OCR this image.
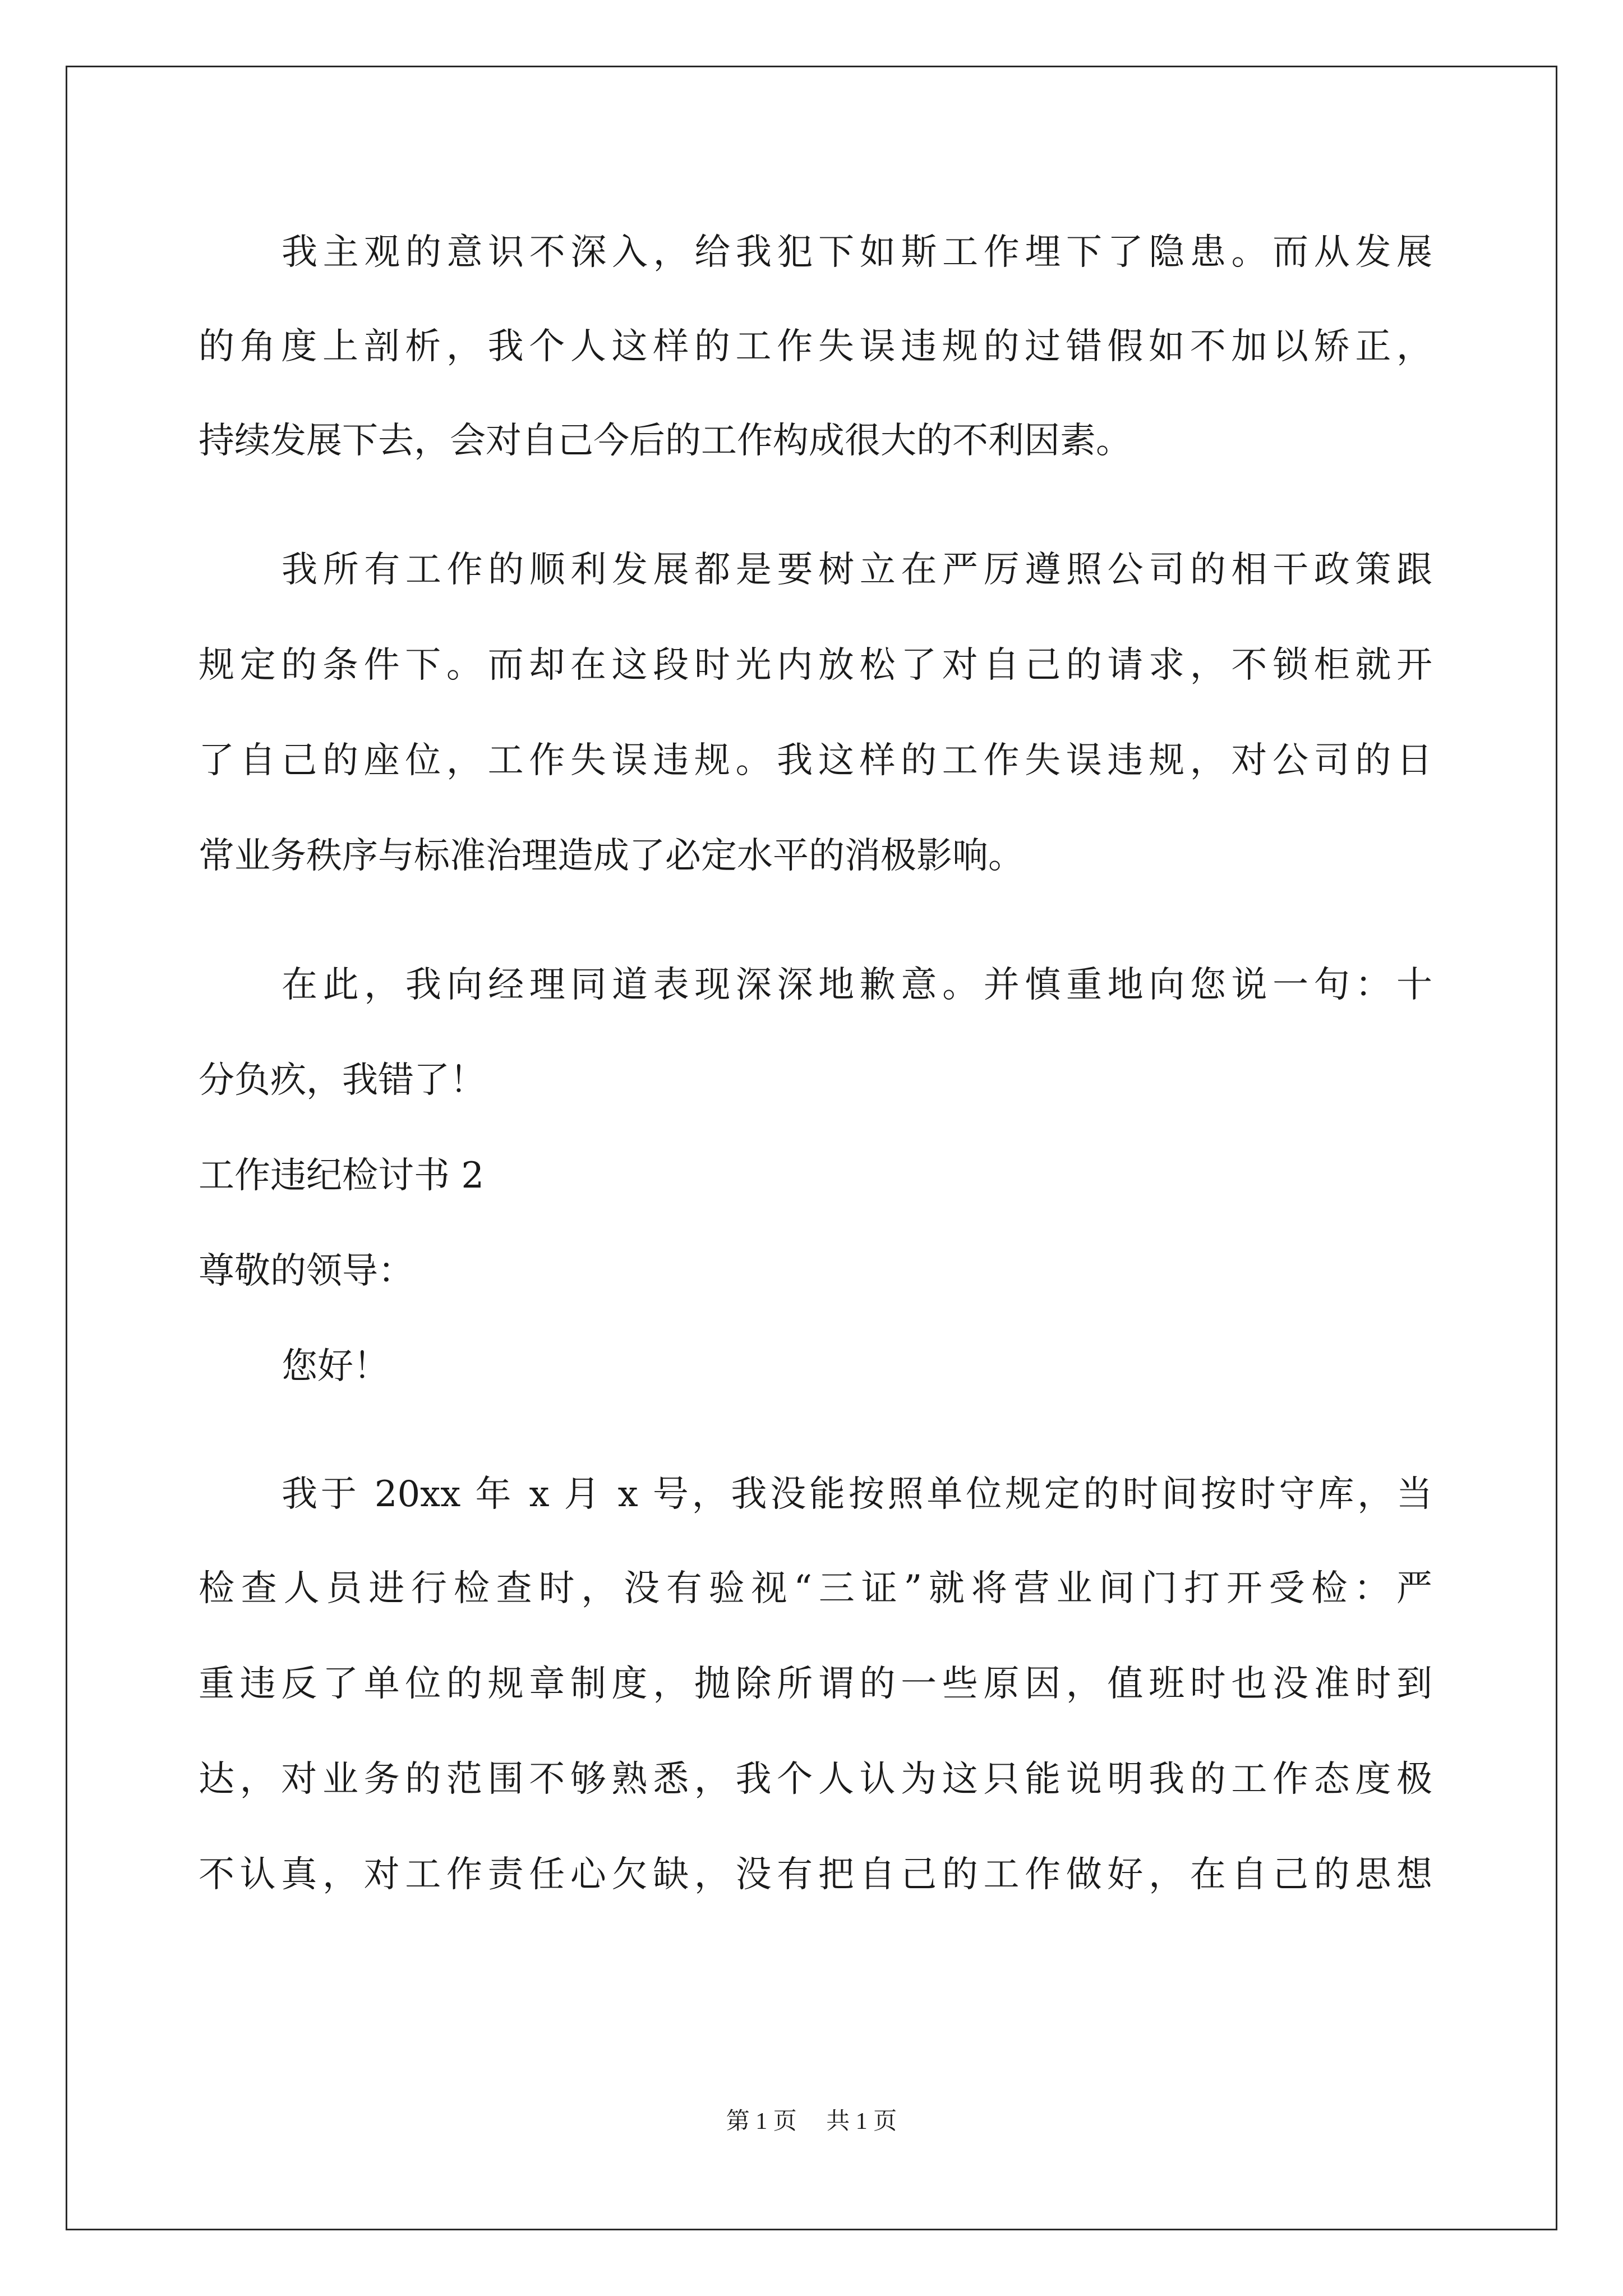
我主观的意识不深入，给我犯下如斯工作埋下了隐患。而从发展
的角度上剖析，我个人这样的工作失误违规的过错假如不加以矫正，
持续发展下去，会对自己今后的工作构成很大的不利因素。
我所有工作的顺利发展都是要树立在严厉遵照公司的相干政策跟
规定的条件下。而却在这段时光内放松了对自己的请求，不锁柜就开
了自己的座位，工作失误违规。我这样的工作失误违规，对公司的日
常业务秩序与标准治理造成了必定水平的消极影响。
在此，我向经理同道表现深深地歉意。并慎重地向您说一句：十
分负疚，我错了！
工作违纪检讨书 2
尊敬的领导：
您好！
我于 20xx 年 x 月 x 号，我没能按照单位规定的时间按时守库，当
检查人员进行检查时，没有验视“三证”就将营业间门打开受检：严
重违反了单位的规章制度，抛除所谓的一些原因，值班时也没准时到
达，对业务的范围不够熟悉，我个人认为这只能说明我的工作态度极
不认真，对工作责任心欠缺，没有把自己的工作做好，在自己的思想
第 1 页　 共 1 页
